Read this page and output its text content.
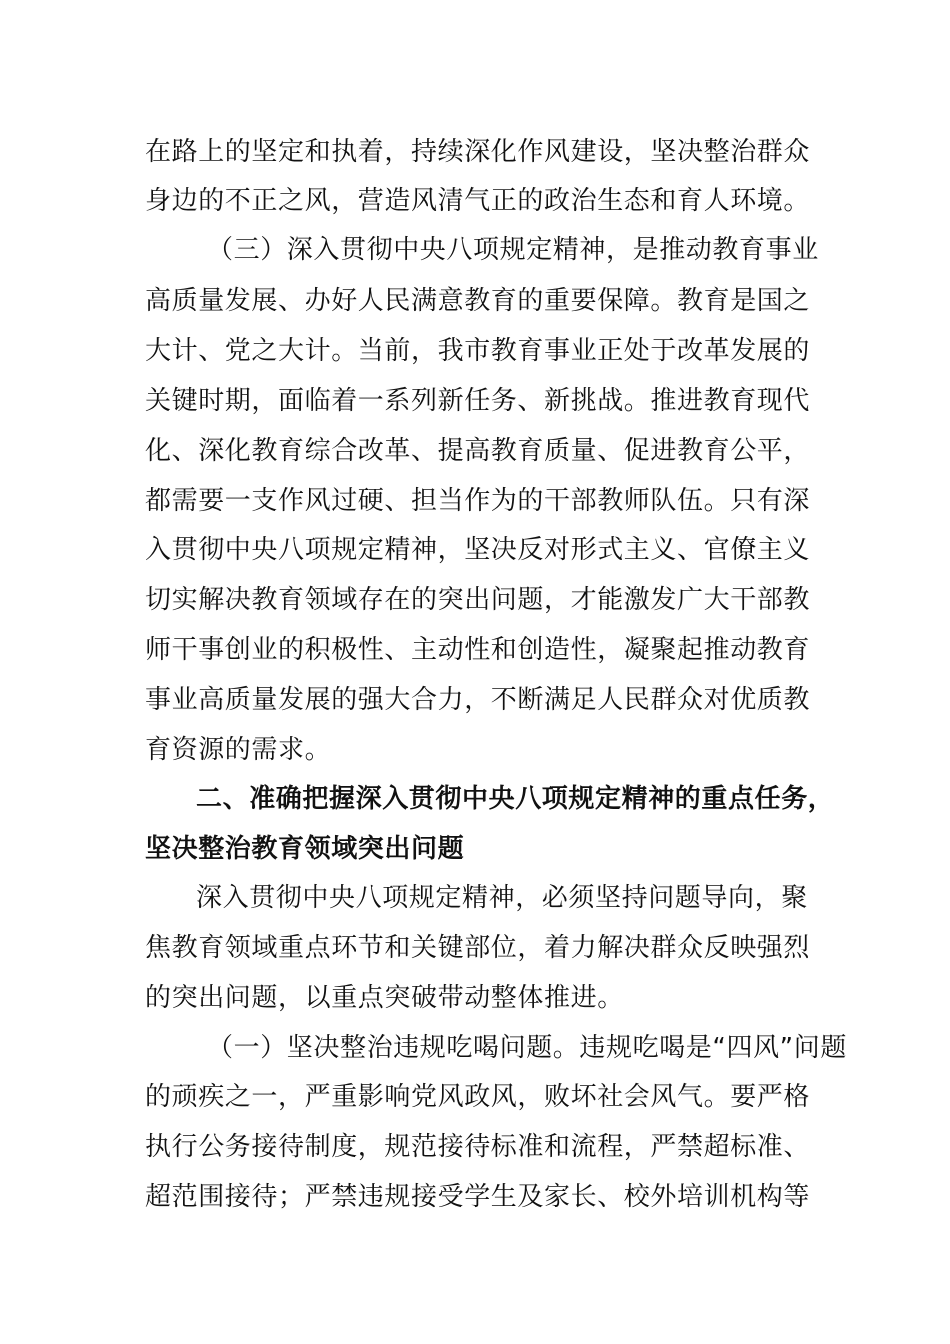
在路上的坚定和执着，持续深化作风建设，坚决整治群众
身边的不正之风，营造风清气正的政治生态和育人环境。
（三）深入贯彻中央八项规定精神，是推动教育事业
高质量发展、办好人民满意教育的重要保障。教育是国之
大计、党之大计。当前，我市教育事业正处于改革发展的
关键时期，面临着一系列新任务、新挑战。推进教育现代
化、深化教育综合改革、提高教育质量、促进教育公平，
都需要一支作风过硬、担当作为的干部教师队伍。只有深
入贯彻中央八项规定精神，坚决反对形式主义、官僚主义
切实解决教育领域存在的突出问题，才能激发广大干部教
师干事创业的积极性、主动性和创造性，凝聚起推动教育
事业高质量发展的强大合力，不断满足人民群众对优质教
育资源的需求。
二、准确把握深入贯彻中央八项规定精神的重点任务，
坚决整治教育领域突出问题
深入贯彻中央八项规定精神，必须坚持问题导向，聚
焦教育领域重点环节和关键部位，着力解决群众反映强烈
的突出问题，以重点突破带动整体推进。
（一）坚决整治违规吃喝问题。违规吃喝是“四风”问题
的顽疾之一，严重影响党风政风，败坏社会风气。要严格
执行公务接待制度，规范接待标准和流程，严禁超标准、
超范围接待；严禁违规接受学生及家长、校外培训机构等
